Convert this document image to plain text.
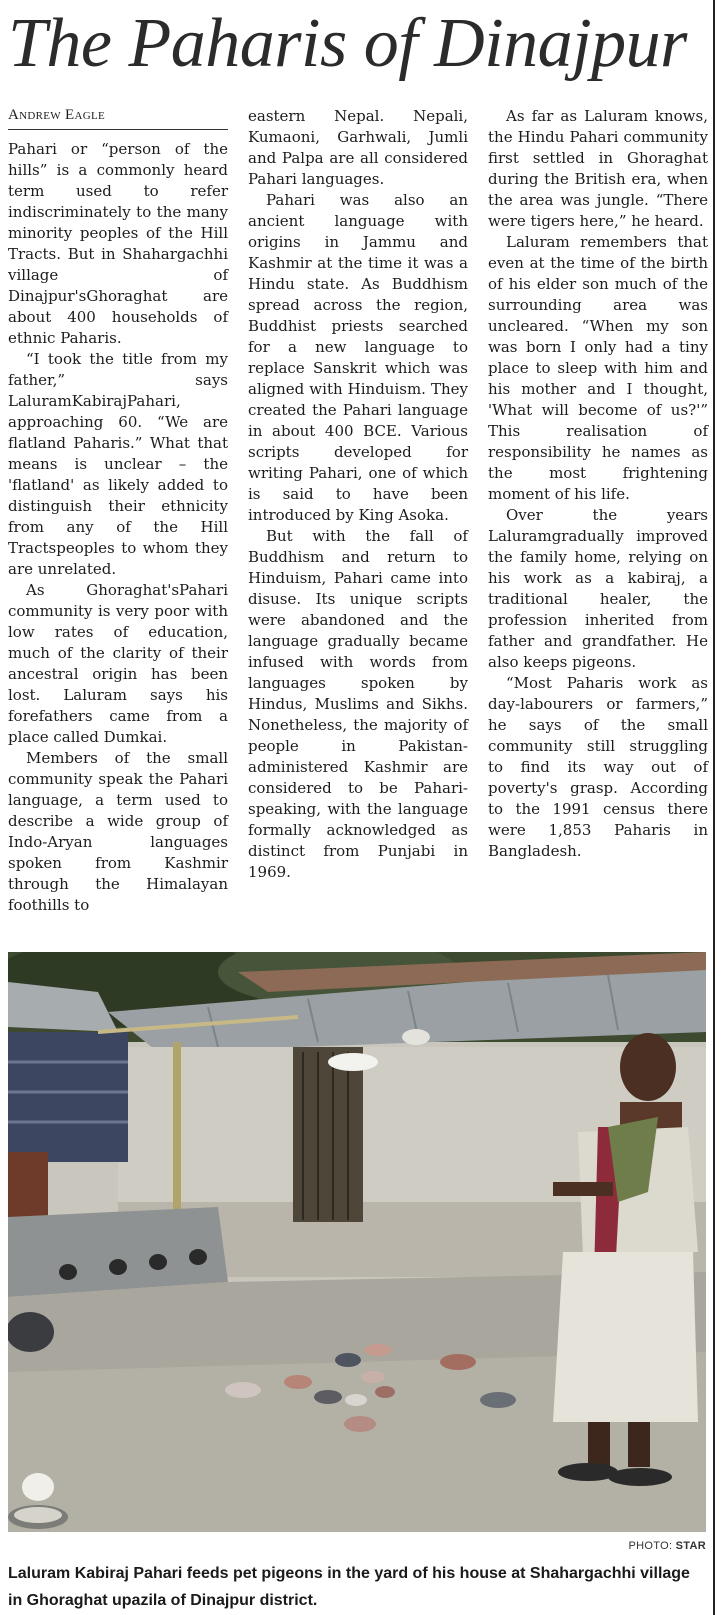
The Paharis of Dinajpur
Andrew Eagle

Pahari or “person of the hills” is a commonly heard term used to refer indiscriminately to the many minority peoples of the Hill Tracts. But in Shahargachhi village of Dinajpur'sGhoraghat are about 400 households of ethnic Paharis.

“I took the title from my father,” says LaluramKabirajPahari, approaching 60. “We are flatland Paharis.” What that means is unclear – the 'flatland' as likely added to distinguish their ethnicity from any of the Hill Tractspeoples to whom they are unrelated.

As Ghoraghat'sPahari community is very poor with low rates of education, much of the clarity of their ancestral origin has been lost. Laluram says his forefathers came from a place called Dumkai.

Members of the small community speak the Pahari language, a term used to describe a wide group of Indo-Aryan languages spoken from Kashmir through the Himalayan foothills to

eastern Nepal. Nepali, Kumaoni, Garhwali, Jumli and Palpa are all considered Pahari languages.

Pahari was also an ancient language with origins in Jammu and Kashmir at the time it was a Hindu state. As Buddhism spread across the region, Buddhist priests searched for a new language to replace Sanskrit which was aligned with Hinduism. They created the Pahari language in about 400 BCE. Various scripts developed for writing Pahari, one of which is said to have been introduced by King Asoka.

But with the fall of Buddhism and return to Hinduism, Pahari came into disuse. Its unique scripts were abandoned and the language gradually became infused with words from languages spoken by Hindus, Muslims and Sikhs. Nonetheless, the majority of people in Pakistan-administered Kashmir are considered to be Pahari-speaking, with the language formally acknowledged as distinct from Punjabi in 1969.

As far as Laluram knows, the Hindu Pahari community first settled in Ghoraghat during the British era, when the area was jungle. “There were tigers here,” he heard.

Laluram remembers that even at the time of the birth of his elder son much of the surrounding area was uncleared. “When my son was born I only had a tiny place to sleep with him and his mother and I thought, 'What will become of us?'” This realisation of responsibility he names as the most frightening moment of his life.

Over the years Laluramgradually improved the family home, relying on his work as a kabiraj, a traditional healer, the profession inherited from father and grandfather. He also keeps pigeons.

“Most Paharis work as day-labourers or farmers,” he says of the small community still struggling to find its way out of poverty's grasp. According to the 1991 census there were 1,853 Paharis in Bangladesh.

PHOTO: STAR
Laluram Kabiraj Pahari feeds pet pigeons in the yard of his house at Shahargachhi village in Ghoraghat upazila of Dinajpur district.
